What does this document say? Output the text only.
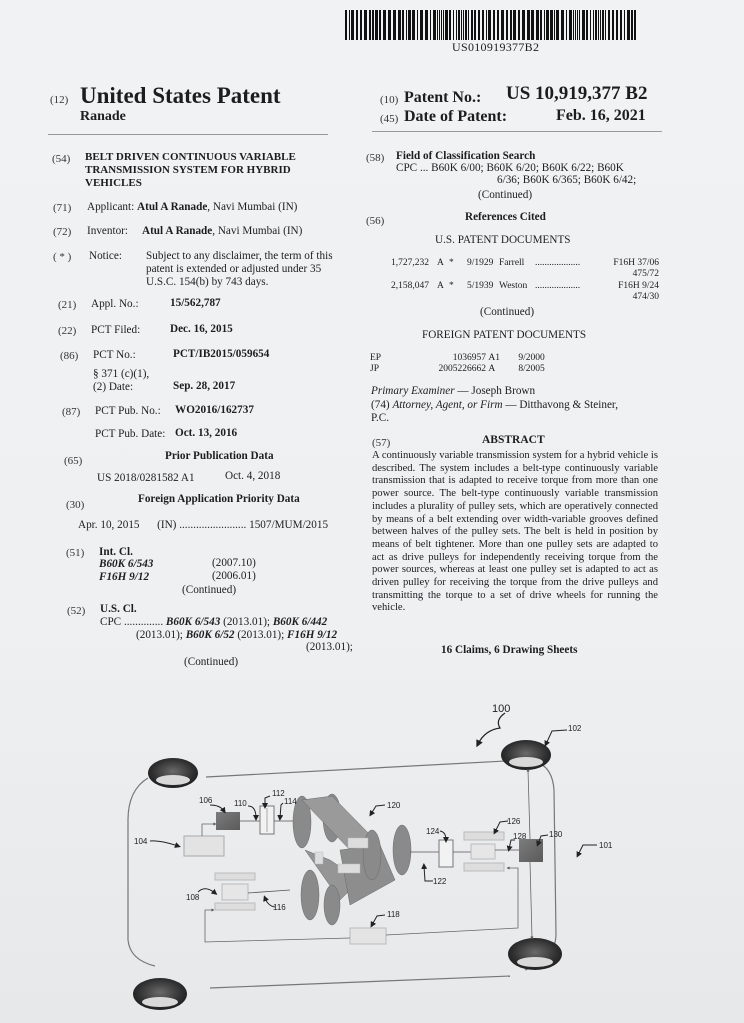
US010919377B2
(12) United States Patent
Ranade
(10) Patent No.: US 10,919,377 B2
(45) Date of Patent:	Feb. 16, 2021
(54) BELT DRIVEN CONTINUOUS VARIABLE
TRANSMISSION SYSTEM FOR HYBRID
VEHICLES
(71) Applicant: Atul A Ranade, Navi Mumbai (IN)
(72) Inventor: Atul A Ranade, Navi Mumbai (IN)
( * ) Notice: Subject to any disclaimer, the term of this
patent is extended or adjusted under 35
U.S.C. 154(b) by 743 days.
(21) Appl. No.:	15/562,787
(22) PCT Filed:	Dec. 16, 2015
(86) PCT No.:	PCT/IB2015/059654
§ 371 (c)(1),
(2) Date:	Sep. 28, 2017
(87) PCT Pub. No.: WO2016/162737
PCT Pub. Date: Oct. 13, 2016
(65)	Prior Publication Data
US 2018/0281582 A1	Oct. 4, 2018
(30)	Foreign Application Priority Data
Apr. 10, 2015 (IN) ........................ 1507/MUM/2015
(51) Int. Cl.
B60K 6/543	(2007.10)
F16H 9/12	(2006.01)
(Continued)
(52) U.S. Cl.
CPC .............. B60K 6/543 (2013.01); B60K 6/442
(2013.01); B60K 6/52 (2013.01); F16H 9/12
(2013.01);
(Continued)
(58) Field of Classification Search
CPC ... B60K 6/00; B60K 6/20; B60K 6/22; B60K
6/36; B60K 6/365; B60K 6/42;
(Continued)
(56)	References Cited
U.S. PATENT DOCUMENTS
1,727,232 A * 9/1929 Farrell ...................	F16H 37/06
475/72
2,158,047 A * 5/1939 Weston ...................	F16H 9/24
474/30
(Continued)
FOREIGN PATENT DOCUMENTS
EP	1036957 A1 9/2000
JP	2005226662 A 8/2005
Primary Examiner — Joseph Brown
(74) Attorney, Agent, or Firm — Ditthavong & Steiner,
P.C.
(57)	ABSTRACT
A continuously variable transmission system for a hybrid vehicle is described. The system includes a belt-type continuously variable transmission that is adapted to receive torque from more than one power source. The belt-type continuously variable transmission includes a plurality of pulley sets, which are operatively connected by means of a belt extending over width-variable grooves defined between halves of the pulley sets. The belt is held in position by means of belt tightener. More than one pulley sets are adapted to act as drive pulleys for independently receiving torque from the power sources, whereas at least one pulley set is adapted to act as driven pulley for receiving the torque from the drive pulleys and transmitting the torque to a set of drive wheels for running the vehicle.
16 Claims, 6 Drawing Sheets
100
102
101
104
106	110
112
114	120
108
116
118
122
124
126
128	130
